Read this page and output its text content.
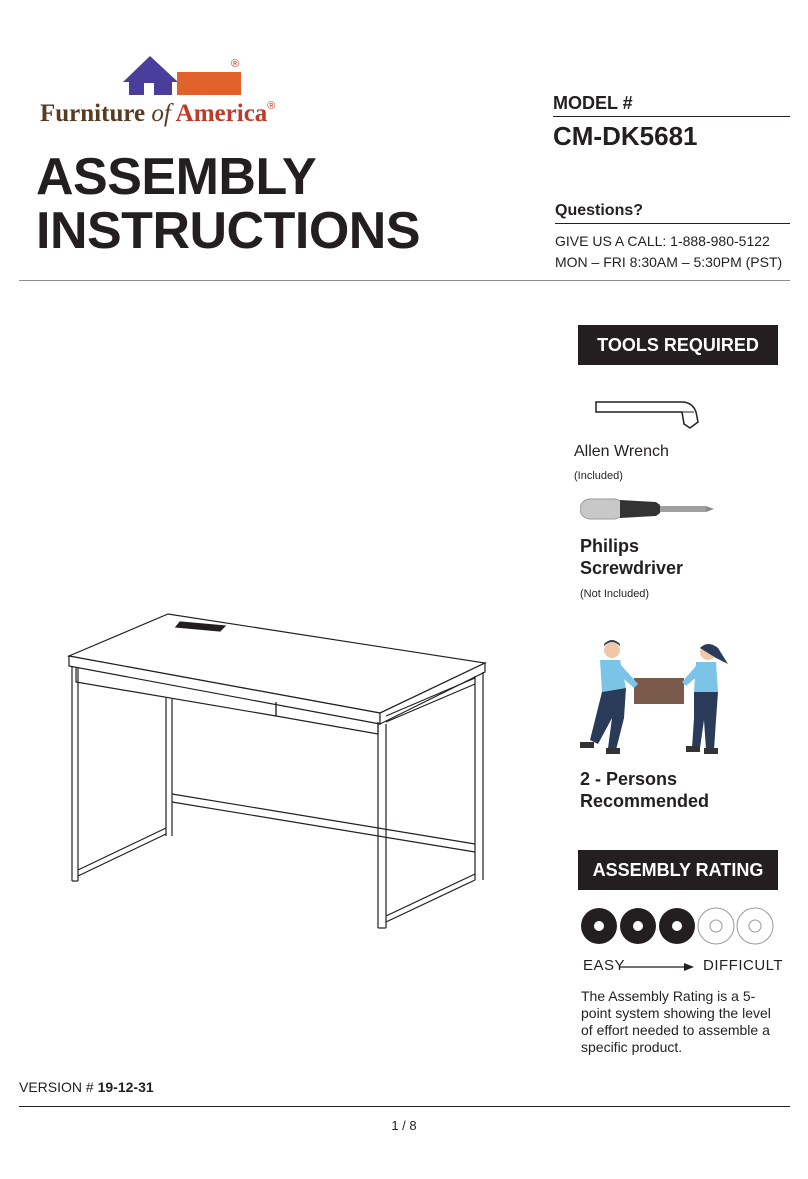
®
Furniture of America®
ASSEMBLY
INSTRUCTIONS
MODEL #
CM-DK5681
Questions?
GIVE US A CALL: 1-888-980-5122
MON – FRI 8:30AM – 5:30PM (PST)
TOOLS REQUIRED
Allen Wrench
(Included)
Philips
Screwdriver
(Not Included)
2 - Persons
Recommended
ASSEMBLY RATING
EASY	DIFFICULT
The Assembly Rating is a 5-point system showing the level of effort needed to assemble a specific product.
VERSION # 19-12-31
1 / 8
